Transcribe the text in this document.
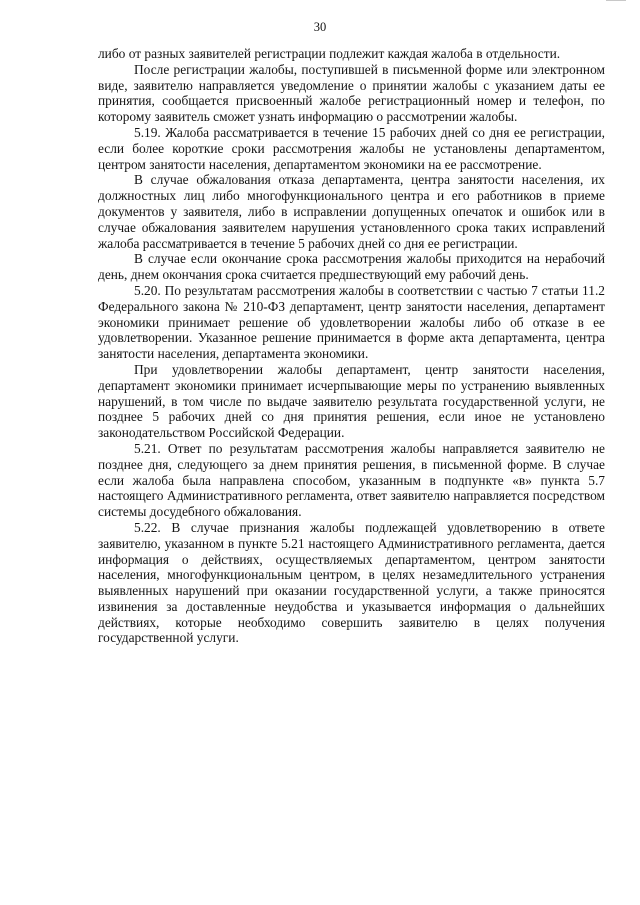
30

либо от разных заявителей регистрации подлежит каждая жалоба в отдельности.

После регистрации жалобы, поступившей в письменной форме или электронном виде, заявителю направляется уведомление о принятии жалобы с указанием даты ее принятия, сообщается присвоенный жалобе регистрационный номер и телефон, по которому заявитель сможет узнать информацию о рассмотрении жалобы.

5.19. Жалоба рассматривается в течение 15 рабочих дней со дня ее регистрации, если более короткие сроки рассмотрения жалобы не установлены департаментом, центром занятости населения, департаментом экономики на ее рассмотрение.

В случае обжалования отказа департамента, центра занятости населения, их должностных лиц либо многофункционального центра и его работников в приеме документов у заявителя, либо в исправлении допущенных опечаток и ошибок или в случае обжалования заявителем нарушения установленного срока таких исправлений жалоба рассматривается в течение 5 рабочих дней со дня ее регистрации.

В случае если окончание срока рассмотрения жалобы приходится на нерабочий день, днем окончания срока считается предшествующий ему рабочий день.

5.20. По результатам рассмотрения жалобы в соответствии с частью 7 статьи 11.2 Федерального закона № 210-ФЗ департамент, центр занятости населения, департамент экономики принимает решение об удовлетворении жалобы либо об отказе в ее удовлетворении. Указанное решение принимается в форме акта департамента, центра занятости населения, департамента экономики.

При удовлетворении жалобы департамент, центр занятости населения, департамент экономики принимает исчерпывающие меры по устранению выявленных нарушений, в том числе по выдаче заявителю результата государственной услуги, не позднее 5 рабочих дней со дня принятия решения, если иное не установлено законодательством Российской Федерации.

5.21. Ответ по результатам рассмотрения жалобы направляется заявителю не позднее дня, следующего за днем принятия решения, в письменной форме. В случае если жалоба была направлена способом, указанным в подпункте «в» пункта 5.7 настоящего Административного регламента, ответ заявителю направляется посредством системы досудебного обжалования.

5.22. В случае признания жалобы подлежащей удовлетворению в ответе заявителю, указанном в пункте 5.21 настоящего Административного регламента, дается информация о действиях, осуществляемых департаментом, центром занятости населения, многофункциональным центром, в целях незамедлительного устранения выявленных нарушений при оказании государственной услуги, а также приносятся извинения за доставленные неудобства и указывается информация о дальнейших действиях, которые необходимо совершить заявителю в целях получения государственной услуги.
